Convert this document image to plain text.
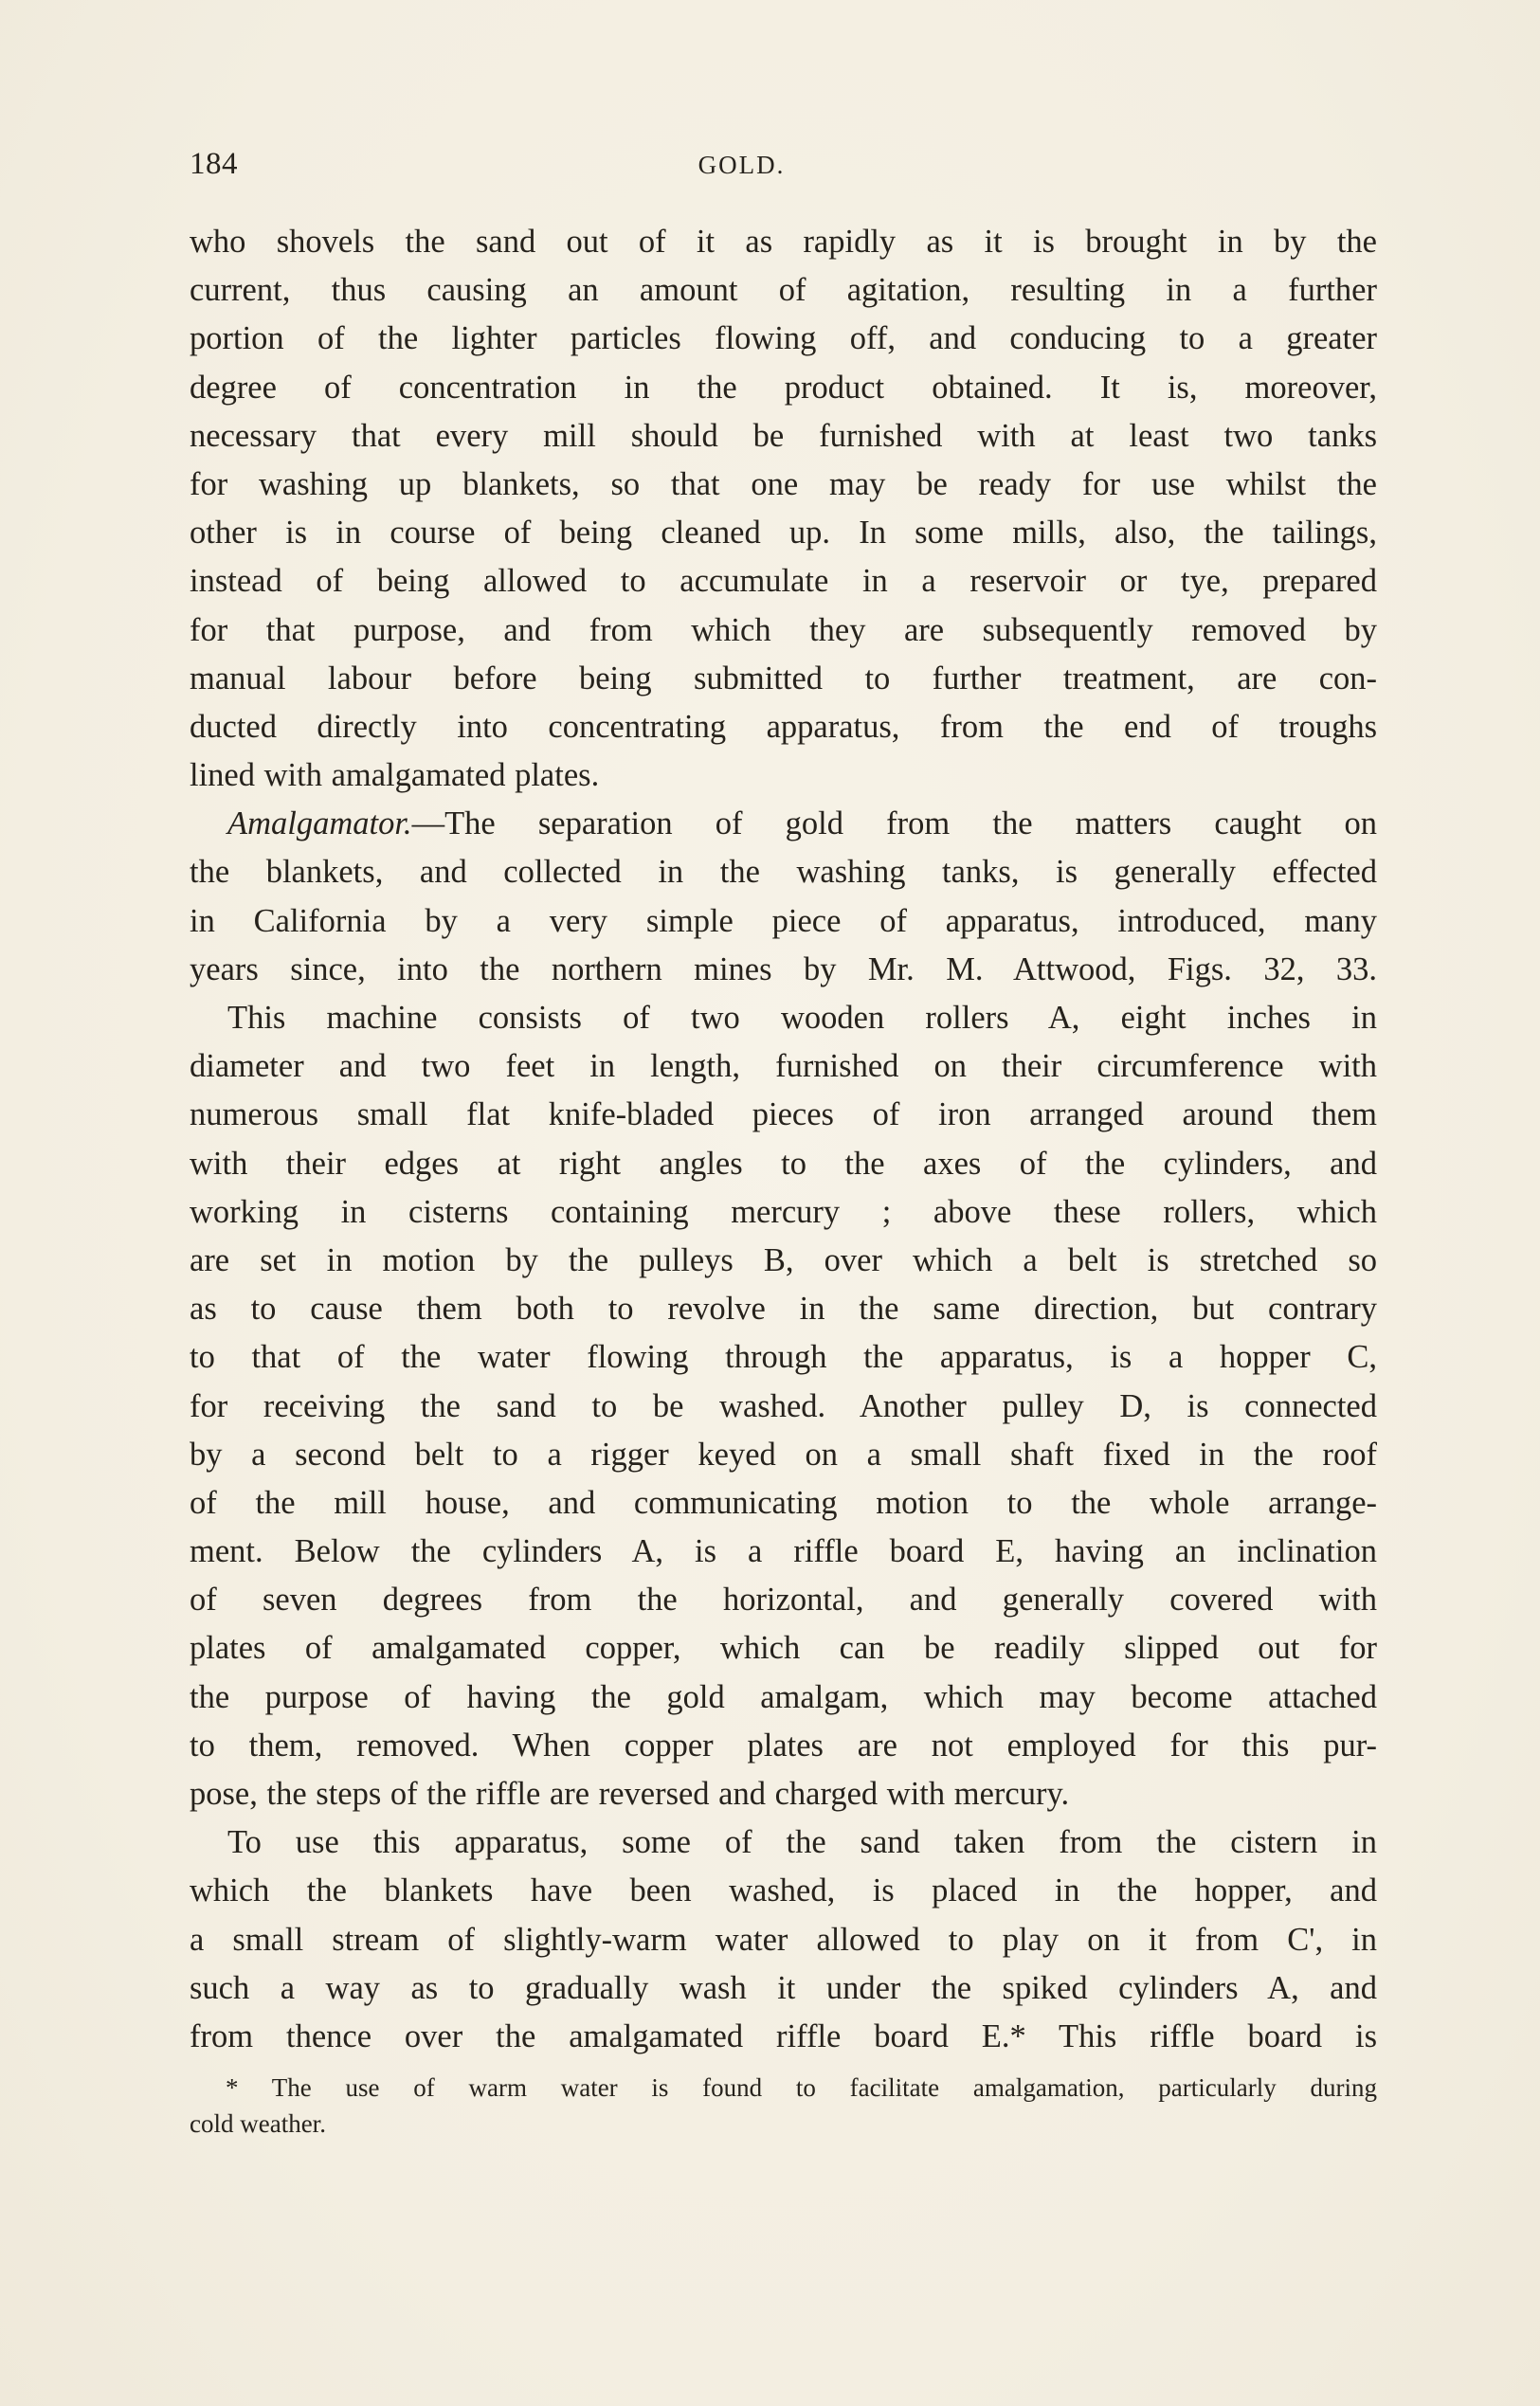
184	GOLD.
who shovels the sand out of it as rapidly as it is brought in by the
current, thus causing an amount of agitation, resulting in a further
portion of the lighter particles flowing off, and conducing to a greater
degree of concentration in the product obtained. It is, moreover,
necessary that every mill should be furnished with at least two tanks
for washing up blankets, so that one may be ready for use whilst the
other is in course of being cleaned up. In some mills, also, the tailings,
instead of being allowed to accumulate in a reservoir or tye, prepared
for that purpose, and from which they are subsequently removed by
manual labour before being submitted to further treatment, are con-
ducted directly into concentrating apparatus, from the end of troughs
lined with amalgamated plates.
Amalgamator.—The separation of gold from the matters caught on
the blankets, and collected in the washing tanks, is generally effected
in California by a very simple piece of apparatus, introduced, many
years since, into the northern mines by Mr. M. Attwood, Figs. 32, 33.
This machine consists of two wooden rollers A, eight inches in
diameter and two feet in length, furnished on their circumference with
numerous small flat knife-bladed pieces of iron arranged around them
with their edges at right angles to the axes of the cylinders, and
working in cisterns containing mercury ; above these rollers, which
are set in motion by the pulleys B, over which a belt is stretched so
as to cause them both to revolve in the same direction, but contrary
to that of the water flowing through the apparatus, is a hopper C,
for receiving the sand to be washed. Another pulley D, is connected
by a second belt to a rigger keyed on a small shaft fixed in the roof
of the mill house, and communicating motion to the whole arrange-
ment. Below the cylinders A, is a riffle board E, having an inclination
of seven degrees from the horizontal, and generally covered with
plates of amalgamated copper, which can be readily slipped out for
the purpose of having the gold amalgam, which may become attached
to them, removed. When copper plates are not employed for this pur-
pose, the steps of the riffle are reversed and charged with mercury.
To use this apparatus, some of the sand taken from the cistern in
which the blankets have been washed, is placed in the hopper, and
a small stream of slightly-warm water allowed to play on it from C', in
such a way as to gradually wash it under the spiked cylinders A, and
from thence over the amalgamated riffle board E.* This riffle board is
* The use of warm water is found to facilitate amalgamation, particularly during
cold weather.
